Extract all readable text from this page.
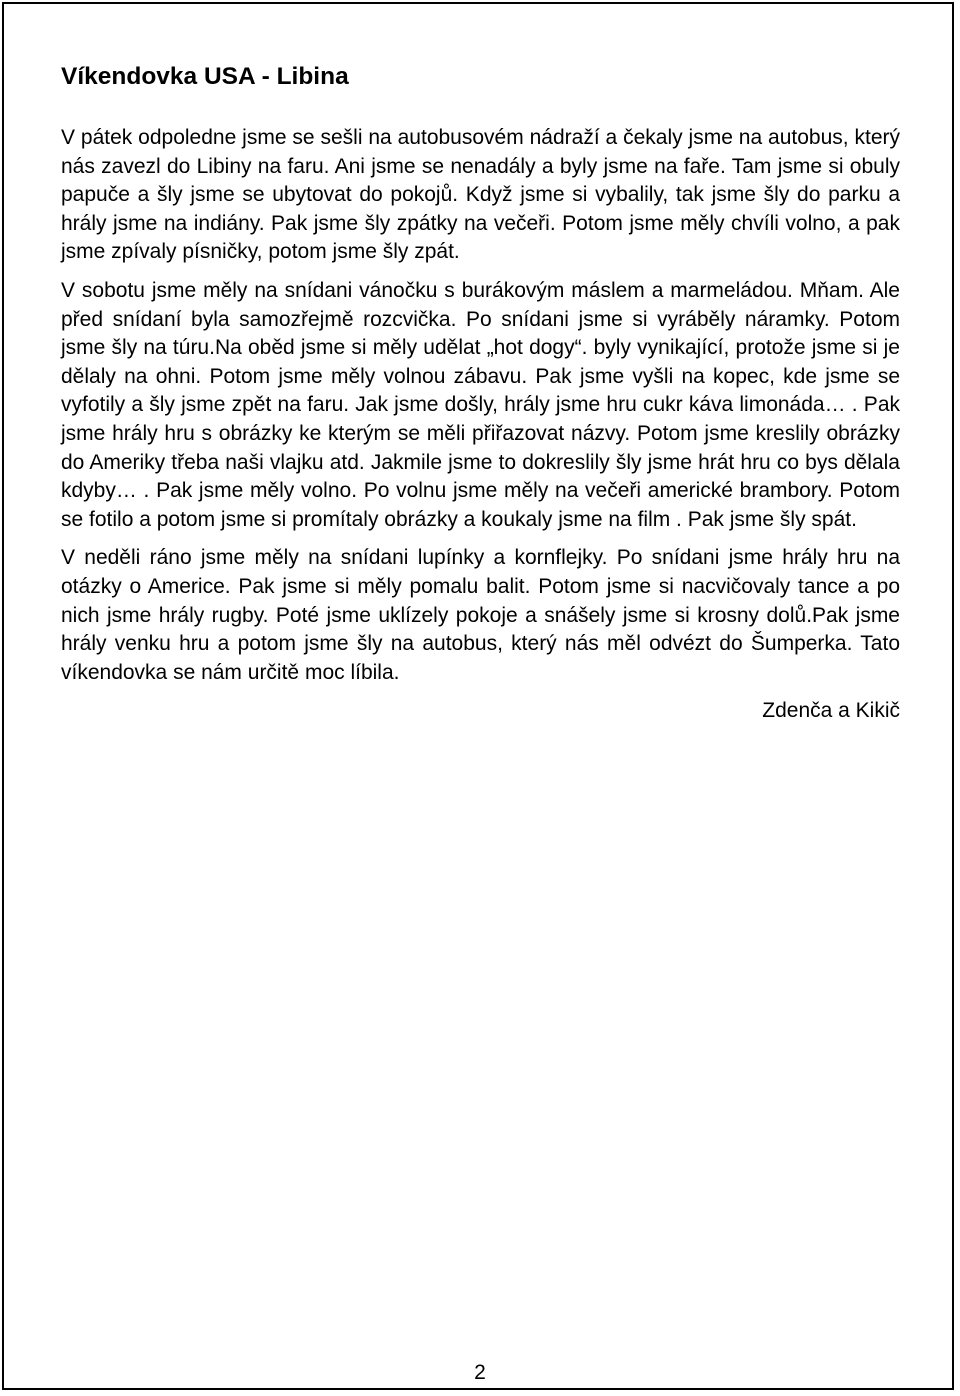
Víkendovka USA - Libina

V pátek odpoledne jsme se sešli na autobusovém nádraží a čekaly jsme na autobus, který nás zavezl do Libiny na faru. Ani jsme se nenadály a byly jsme na faře. Tam jsme si obuly papuče a šly jsme se ubytovat do pokojů. Když jsme si vybalily, tak jsme šly do parku a hrály jsme na indiány. Pak jsme šly zpátky na večeři. Potom jsme měly chvíli volno, a pak jsme zpívaly písničky, potom jsme šly zpát.

V sobotu jsme měly na snídani vánočku s burákovým máslem a marmeládou. Mňam. Ale před snídaní byla samozřejmě rozcvička. Po snídani jsme si vyráběly náramky. Potom jsme šly na túru.Na oběd jsme si měly udělat „hot dogy“. byly vynikající, protože jsme si je dělaly na ohni. Potom jsme měly volnou zábavu. Pak jsme vyšli na kopec, kde jsme se vyfotily a šly jsme zpět na faru. Jak jsme došly, hrály jsme hru cukr káva limonáda… . Pak jsme hrály hru s obrázky ke kterým se měli přiřazovat názvy. Potom jsme kreslily obrázky do Ameriky třeba naši vlajku atd. Jakmile jsme to dokreslily šly jsme hrát hru co bys dělala kdyby… . Pak jsme měly volno. Po volnu jsme měly na večeři americké brambory. Potom se fotilo a potom jsme si promítaly obrázky a koukaly jsme na film . Pak jsme šly spát.

V neděli ráno jsme měly na snídani lupínky a kornflejky. Po snídani jsme hrály hru na otázky o Americe. Pak jsme si měly pomalu balit. Potom jsme si nacvičovaly tance a po nich jsme hrály rugby. Poté jsme uklízely pokoje a snášely jsme si krosny dolů.Pak jsme hrály venku hru a potom jsme šly na autobus, který nás měl odvézt do Šumperka. Tato víkendovka se nám určitě moc líbila.

Zdenča a Kikič

2
